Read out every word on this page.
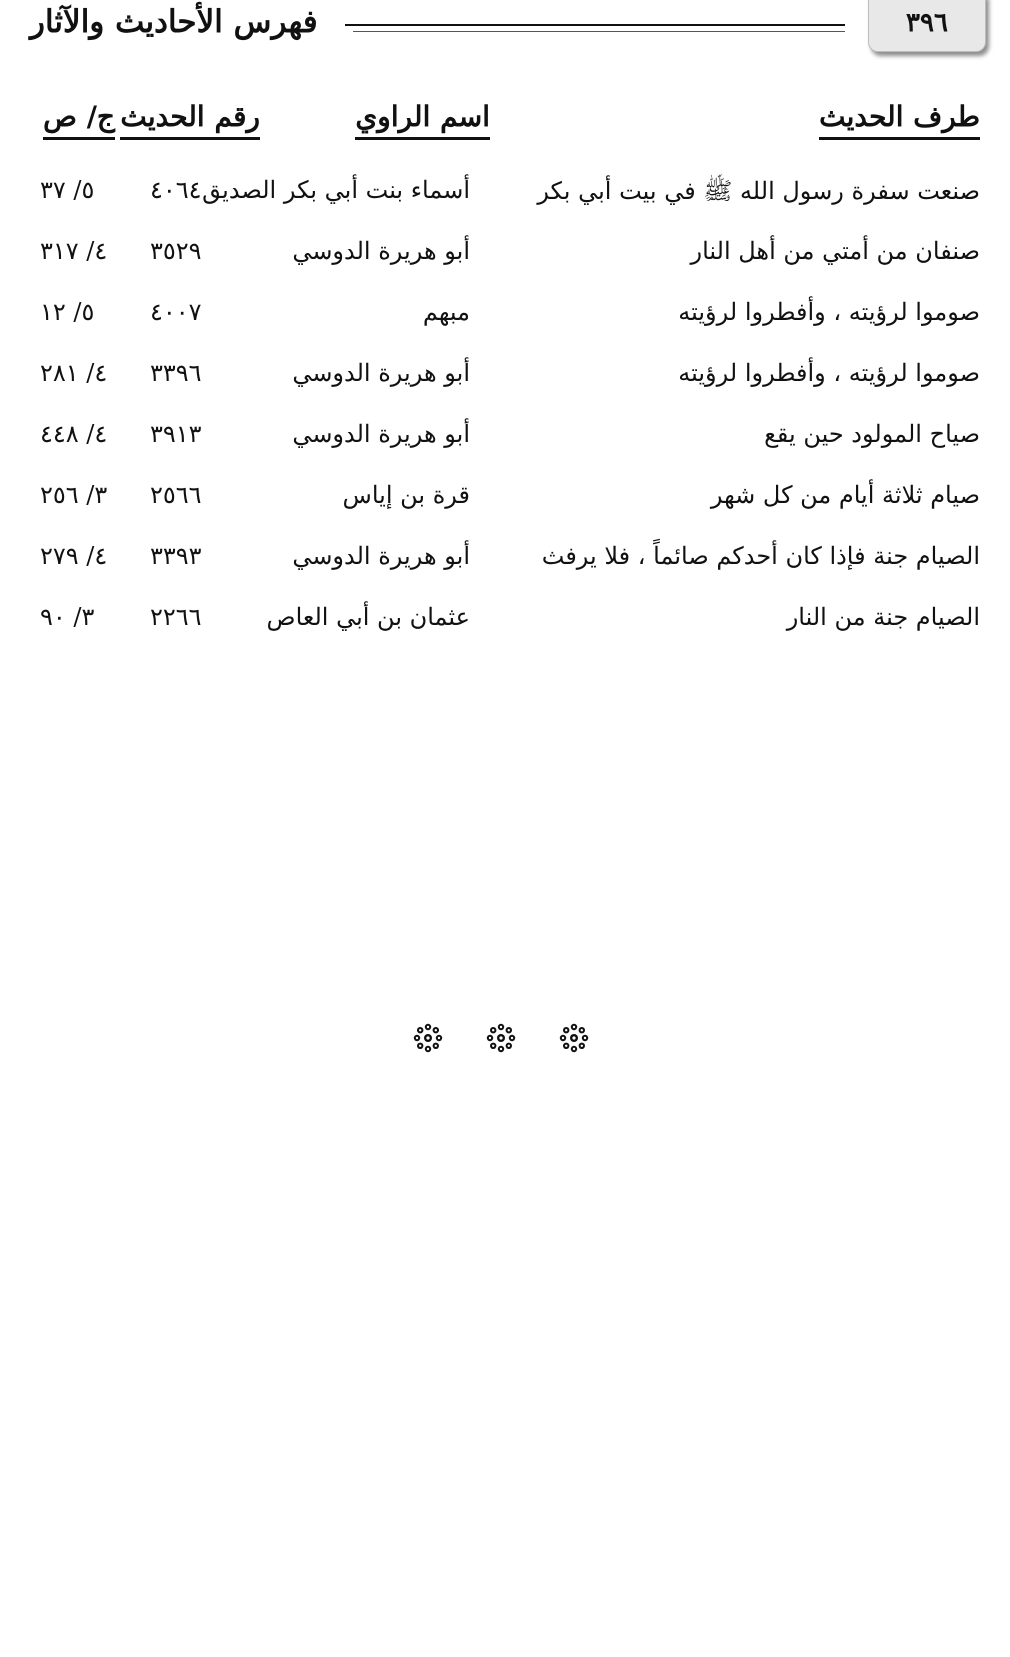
٣٩٦
فهرس الأحاديث والآثار
طرف الحديث
اسم الراوي
رقم الحديث
ج/ ص
صنعت سفرة رسول الله ﷺ في بيت أبي بكر
أسماء بنت أبي بكر الصديق
٤٠٦٤
٥/ ٣٧
صنفان من أمتي من أهل النار
أبو هريرة الدوسي
٣٥٢٩
٤/ ٣١٧
صوموا لرؤيته ، وأفطروا لرؤيته
مبهم
٤٠٠٧
٥/ ١٢
صوموا لرؤيته ، وأفطروا لرؤيته
أبو هريرة الدوسي
٣٣٩٦
٤/ ٢٨١
صياح المولود حين يقع
أبو هريرة الدوسي
٣٩١٣
٤/ ٤٤٨
صيام ثلاثة أيام من كل شهر
قرة بن إياس
٢٥٦٦
٣/ ٢٥٦
الصيام جنة فإذا كان أحدكم صائماً ، فلا يرفث
أبو هريرة الدوسي
٣٣٩٣
٤/ ٢٧٩
الصيام جنة من النار
عثمان بن أبي العاص
٢٢٦٦
٣/ ٩٠
